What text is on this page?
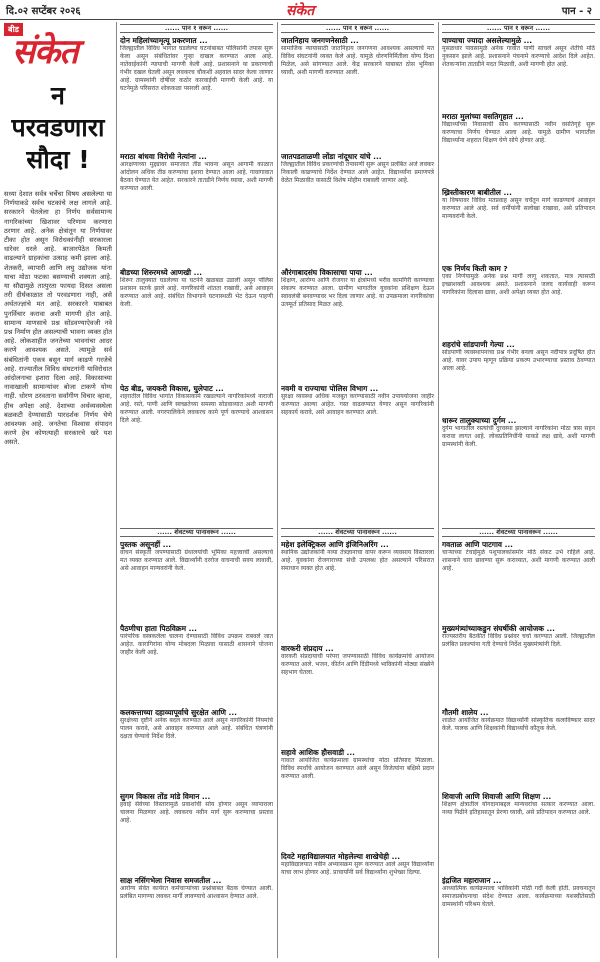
दि.०२ सप्टेंबर २०२६	संकेत	पान - २
बीड
संकेत
न परवडणारा सौदा !
सध्या देशात सर्वत्र चर्चेचा विषय असलेल्या या निर्णयाकडे सर्वच घटकांचे लक्ष लागले आहे. सरकारने घेतलेला हा निर्णय सर्वसामान्य नागरिकांच्या खिशावर परिणाम करणारा ठरणार आहे. अनेक क्षेत्रांतून या निर्णयावर टीका होत असून विरोधकांनीही सरकारला धारेवर धरले आहे. बाजारपेठेत किमती वाढल्याने ग्राहकांचा उत्साह कमी झाला आहे. शेतकरी, व्यापारी आणि लघु उद्योजक यांना याचा मोठा फटका बसण्याची शक्यता आहे. या सौद्यामुळे तात्पुरता फायदा दिसत असला तरी दीर्घकाळात तो परवडणारा नाही, असे अर्थतज्ज्ञांचे मत आहे. सरकारने याबाबत पुनर्विचार करावा अशी मागणी होत आहे. सामान्य माणसाचे प्रश्न सोडवण्याऐवजी नवे प्रश्न निर्माण होत असल्याची भावना व्यक्त होत आहे. लोकशाहीत जनतेच्या भावनांचा आदर करणे आवश्यक असते. त्यामुळे सर्व संबंधितांनी एकत्र बसून मार्ग काढणे गरजेचे आहे. राज्यातील विविध संघटनांनी याविरोधात आंदोलनाचा इशारा दिला आहे. विकासाच्या नावाखाली सामान्यांवर बोजा टाकणे योग्य नाही. धोरण ठरवताना सर्वांगीण विचार व्हावा, हीच अपेक्षा आहे. देशाच्या अर्थव्यवस्थेला बळकटी देण्यासाठी पारदर्शक निर्णय घेणे आवश्यक आहे. जनतेचा विश्वास संपादन करणे हेच कोणत्याही सरकारचे खरे यश असते.
...... पान १ वरून ......
दोन महिलांच्यामृत्यू प्रकरणात ...
जिल्ह्यातील विविध भागात घडलेल्या घटनांबाबत पोलिसांनी तपास सुरू केला असून संबंधितांवर गुन्हा दाखल करण्यात आला आहे. नातेवाईकांनी न्यायाची मागणी केली आहे. प्रशासनाने या प्रकरणाची गंभीर दखल घेतली असून लवकरच चौकशी अहवाल सादर केला जाणार आहे. ग्रामस्थांनी दोषींवर कठोर कारवाईची मागणी केली आहे. या घटनेमुळे परिसरात शोककळा पसरली आहे.
मराठा बांधवा विरोधी नेत्यांना ...
आरक्षणाच्या मुद्द्यावर समाजात तीव्र भावना असून आगामी काळात आंदोलन अधिक तीव्र करण्याचा इशारा देण्यात आला आहे. गावागावात बैठका घेण्यात येत आहेत. सरकारने तातडीने निर्णय घ्यावा, अशी मागणी करण्यात आली.
बीडच्या शिरुरमध्ये आणखी ...
शिरूर तालुक्यात घडलेल्या या घटनेने खळबळ उडाली असून पोलिस प्रशासन सतर्क झाले आहे. नागरिकांनी शांतता राखावी, असे आवाहन करण्यात आले आहे. संबंधित विभागाने घटनास्थळी भेट देऊन पाहणी केली.
पेठ बीड, जयकरी विकास, घुलेपाट ...
शहरातील विविध भागांत विकासकामे रखडल्याने नागरिकांमध्ये नाराजी आहे. रस्ते, पाणी आणि स्वच्छतेच्या समस्या सोडवाव्यात अशी मागणी करण्यात आली. नगरपालिकेने लवकरच कामे पूर्ण करण्याचे आश्वासन दिले आहे.
...... पान १ वरून ......
जातनिहाय जनगणनेसाठी ...
सामाजिक न्यायासाठी जातनिहाय जनगणना आवश्यक असल्याचे मत विविध संघटनांनी व्यक्त केले आहे. यामुळे धोरणनिर्मितीला योग्य दिशा मिळेल, असे सांगण्यात आले. केंद्र सरकारने याबाबत ठोस भूमिका घ्यावी, अशी मागणी करण्यात आली.
जातपडताळणी लोंडा नांदूधार यांचे ...
जिल्ह्यातील विविध प्रकरणांची तपासणी सुरू असून प्रलंबित अर्ज लवकर निकाली काढण्याचे निर्देश देण्यात आले आहेत. विद्यार्थ्यांना प्रमाणपत्रे वेळेत मिळावीत यासाठी विशेष मोहीम राबवली जाणार आहे.
औरंगाबादसंघ विकासाचा पाया ...
शिक्षण, आरोग्य आणि रोजगार या क्षेत्रांमध्ये भरीव कामगिरी करण्याचा संकल्प करण्यात आला. ग्रामीण भागातील युवकांना प्रशिक्षण देऊन स्वावलंबी बनवण्यावर भर दिला जाणार आहे. या उपक्रमाला नागरिकांचा उत्स्फूर्त प्रतिसाद मिळत आहे.
नवमी व राज्याचा पोलिस विभाग ...
सुरक्षा व्यवस्था अधिक मजबूत करण्यासाठी नवीन उपाययोजना जाहीर करण्यात आल्या आहेत. गस्त वाढवण्यात येणार असून नागरिकांनी सहकार्य करावे, असे आवाहन करण्यात आले.
...... पान १ वरून ......
पाण्याचा ज्यादा असलेल्यामुळे ...
मुसळधार पावसामुळे अनेक गावांत पाणी साचले असून शेतीचे मोठे नुकसान झाले आहे. प्रशासनाने पंचनामे करण्याचे आदेश दिले आहेत. शेतकऱ्यांना तातडीने मदत मिळावी, अशी मागणी होत आहे.
मराठा मुलांच्या वसतिगृहात ...
विद्यार्थ्यांच्या निवासाची सोय करण्यासाठी नवीन वसतिगृहे सुरू करण्याचा निर्णय घेण्यात आला आहे. यामुळे ग्रामीण भागातील विद्यार्थ्यांना शहरात शिक्षण घेणे सोपे होणार आहे.
ख्रिस्तीकारण बाबीतील ...
या विषयावर विविध मतप्रवाह असून चर्चेतून मार्ग काढण्याचे आवाहन करण्यात आले आहे. सर्व धर्मीयांनी सलोखा राखावा, असे प्रतिपादन मान्यवरांनी केले.
एक निर्णय किती काम ?
एका निर्णयामुळे अनेक प्रश्न मार्गी लागू शकतात, मात्र त्यासाठी इच्छाशक्ती आवश्यक असते. प्रशासनाने जलद कार्यवाही करून नागरिकांना दिलासा द्यावा, अशी अपेक्षा व्यक्त होत आहे.
शहरांचे सांडपाणी गेल्या ...
सांडपाणी व्यवस्थापनाचा प्रश्न गंभीर बनला असून नदीपात्र प्रदूषित होत आहे. यावर उपाय म्हणून प्रक्रिया प्रकल्प उभारण्याचा प्रस्ताव ठेवण्यात आला आहे.
धारूर तालुक्याच्या दुर्गम ...
दुर्गम भागातील रस्त्यांची दुरवस्था झाल्याने नागरिकांना मोठा त्रास सहन करावा लागत आहे. लोकप्रतिनिधींनी याकडे लक्ष द्यावे, अशी मागणी ग्रामस्थांनी केली.
...... शेवटच्या पानावरून ......
पुस्तक असूनहीं ...
वाचन संस्कृती जपण्यासाठी ग्रंथालयांची भूमिका महत्त्वाची असल्याचे मत व्यक्त करण्यात आले. विद्यार्थ्यांनी दररोज वाचनाची सवय लावावी, असे आवाहन मान्यवरांनी केले.
पैठणीचा हाता पिठविक्रम ...
पारंपरिक वस्त्रकलेला चालना देण्यासाठी विविध उपक्रम राबवले जात आहेत. कारागिरांना योग्य मोबदला मिळावा यासाठी शासनाने योजना जाहीर केली आहे.
कलकत्ताच्या दहाव्यापूर्वाचे सुरक्षेत आणि ...
सुरक्षेच्या दृष्टीने अनेक बदल करण्यात आले असून नागरिकांनी नियमांचे पालन करावे, असे आवाहन करण्यात आले आहे. संबंधित यंत्रणांनी दक्षता घेण्याचे निर्देश दिले.
सुगम विकास तोंड मांडे विमान ...
हवाई सेवेच्या विस्तारामुळे प्रवाशांची सोय होणार असून व्यापाराला चालना मिळणार आहे. लवकरच नवीन मार्ग सुरू करण्याचा प्रस्ताव आहे.
साक्ष नसिंगभेला निवास समजतील ...
आरोग्य सेवेत कार्यरत कर्मचाऱ्यांच्या प्रश्नांबाबत बैठक घेण्यात आली. प्रलंबित मागण्या लवकर मार्गी लावण्याचे आश्वासन देण्यात आले.
...... शेवटच्या पानावरून ......
महेश इलेक्ट्रिकल आणि इंजिनिअरिंग ...
स्थानिक उद्योजकांनी नव्या तंत्रज्ञानाचा वापर करून व्यवसाय विस्तारला आहे. युवकांना रोजगाराच्या संधी उपलब्ध होत असल्याने परिसरात समाधान व्यक्त होत आहे.
वारकरी संप्रदाय ...
वारकरी संप्रदायाची परंपरा जपण्यासाठी विविध कार्यक्रमांचे आयोजन करण्यात आले. भजन, कीर्तन आणि दिंडीमध्ये भाविकांनी मोठ्या संख्येने सहभाग घेतला.
सहावे आशिक हौसवाडी ...
गावात आयोजित कार्यक्रमाला ग्रामस्थांचा मोठा प्रतिसाद मिळाला. विविध स्पर्धांचे आयोजन करण्यात आले असून विजेत्यांना बक्षिसे प्रदान करण्यात आली.
दिवटे महाविद्यालयात मोहलेल्या शाखेचेही ...
महाविद्यालयात नवीन अभ्यासक्रम सुरू करण्यात आले असून विद्यार्थ्यांना याचा लाभ होणार आहे. प्राचार्यांनी सर्व विद्यार्थ्यांना शुभेच्छा दिल्या.
...... शेवटच्या पानावरून ......
गवताळ आणि पाटगाव ...
चाऱ्याच्या टंचाईमुळे पशुपालकांसमोर मोठे संकट उभे राहिले आहे. शासनाने चारा छावण्या सुरू कराव्यात, अशी मागणी करण्यात आली आहे.
मुख्यमंत्र्यांच्याकडुन संघर्षीकी आयोजक ...
राज्यस्तरीय बैठकीत विविध प्रश्नांवर चर्चा करण्यात आली. जिल्ह्यातील प्रलंबित प्रकल्पांना गती देण्याचे निर्देश मुख्यमंत्र्यांनी दिले.
गौतमी शालेय ...
शाळेत आयोजित कार्यक्रमात विद्यार्थ्यांनी सांस्कृतिक कलाविष्कार सादर केले. पालक आणि शिक्षकांनी विद्यार्थ्यांचे कौतुक केले.
शिवाजी आणि शिवाजी आणि शिक्षण ...
शिक्षण क्षेत्रातील योगदानाबद्दल मान्यवरांचा सत्कार करण्यात आला. नव्या पिढीने इतिहासातून प्रेरणा घ्यावी, असे प्रतिपादन करण्यात आले.
इंद्रजित महाराजान ...
आध्यात्मिक कार्यक्रमाला भाविकांनी मोठी गर्दी केली होती. प्रवचनातून समाजप्रबोधनाचा संदेश देण्यात आला. कार्यक्रमाच्या यशस्वीतेसाठी ग्रामस्थांनी परिश्रम घेतले.
